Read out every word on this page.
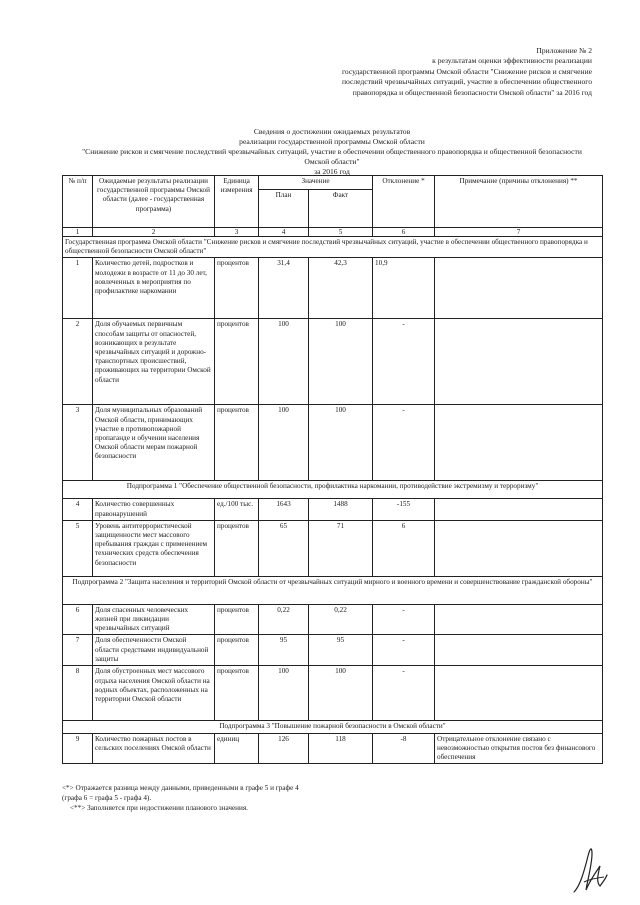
Приложение № 2
к результатам оценки эффективности реализации
государственной программы Омской области "Снижение рисков и смягчение
последствий чрезвычайных ситуаций, участие в обеспечении общественного
правопорядка и общественной безопасности Омской области" за 2016 год
Сведения о достижении ожидаемых результатов
реализации государственной программы Омской области
"Снижение рисков и смягчение последствий чрезвычайных ситуаций, участие в обеспечении общественного правопорядка и общественной безопасности
Омской области"
за 2016 год
№ п/п	Ожидаемые результаты реализации государственной программы Омской области (далее - государственная программа)	Единица измерения	Значение		Отклонение *	Примечание (причины отклонения) **
			План	Факт		
1	2	3	4	5	6	7
Государственная программа Омской области "Снижение рисков и смягчение последствий чрезвычайных ситуаций, участие в обеспечении общественного правопорядка и общественной безопасности Омской области"						
1	Количество детей, подростков и молодежи в возрасте от 11 до 30 лет, вовлеченных в мероприятия по профилактике наркомании	процентов	31,4	42,3	10,9	
2	Доля обучаемых первичным способам защиты от опасностей, возникающих в результате чрезвычайных ситуаций и дорожно-транспортных происшествий, проживающих на территории Омской области	процентов	100	100	-	
3	Доля муниципальных образований Омской области, принимающих участие в противопожарной пропаганде и обучении населения Омской области мерам пожарной безопасности	процентов	100	100	-	
Подпрограмма 1 "Обеспечение общественной безопасности, профилактика наркомании, противодействие экстремизму и терроризму"						
4	Количество совершенных правонарушений	ед./100 тыс.	1643	1488	-155	
5	Уровень антитеррористической защищенности мест массового пребывания граждан с применением технических средств обеспечения безопасности	процентов	65	71	6	
Подпрограмма 2 "Защита населения и территорий Омской области от чрезвычайных ситуаций мирного и военного времени и совершенствование гражданской обороны"						
6	Доля спасенных человеческих жизней при ликвидации чрезвычайных ситуаций	процентов	0,22	0,22	-	
7	Доля обеспеченности Омской области средствами индивидуальной защиты	процентов	95	95	-	
8	Доля обустроенных мест массового отдыха населения Омской области на водных объектах, расположенных на территории Омской области	процентов	100	100	-	
Подпрограмма 3 "Повышение пожарной безопасности в Омской области"						
9	Количество пожарных постов в сельских поселениях Омской области	единиц	126	118	-8	Отрицательное отклонение связано с невозможностью открытия постов без финансового обеспечения
<*> Отражается разница между данными, приведенными в графе 5 и графе 4
(графа 6 = графа 5 - графа 4).
<**> Заполняется при недостижении планового значения.
